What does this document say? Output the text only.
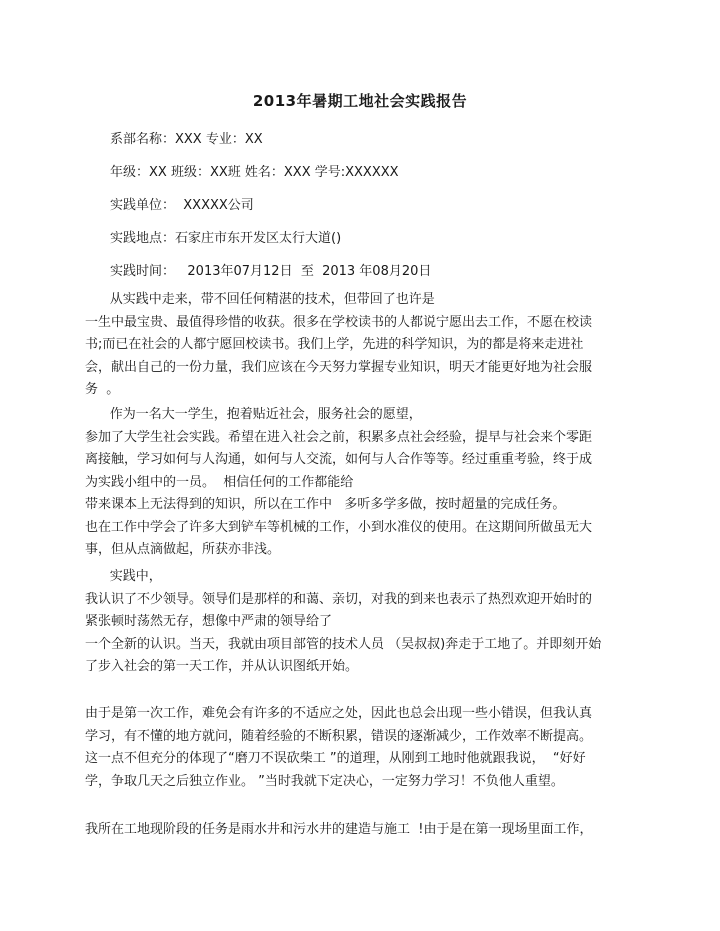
2013年暑期工地社会实践报告
系部名称：XXX 专业：XX
年级：XX 班级：XX班 姓名：XXX 学号:XXXXXX
实践单位：  XXXXX公司
实践地点：石家庄市东开发区太行大道()
实践时间：   2013年07月12日  至  2013 年08月20日
从实践中走来，带不回任何精湛的技术，但带回了也许是
一生中最宝贵、最值得珍惜的收获。很多在学校读书的人都说宁愿出去工作，不愿在校读
书;而已在社会的人都宁愿回校读书。我们上学，先进的科学知识，为的都是将来走进社
会，献出自己的一份力量，我们应该在今天努力掌握专业知识，明天才能更好地为社会服
务  。
作为一名大一学生，抱着贴近社会，服务社会的愿望，
参加了大学生社会实践。希望在进入社会之前，积累多点社会经验，提早与社会来个零距
离接触，学习如何与人沟通，如何与人交流，如何与人合作等等。经过重重考验，终于成
为实践小组中的一员。  相信任何的工作都能给
带来课本上无法得到的知识，所以在工作中   多听多学多做，按时超量的完成任务。
也在工作中学会了许多大到铲车等机械的工作，小到水准仪的使用。在这期间所做虽无大
事，但从点滴做起，所获亦非浅。
实践中，
我认识了不少领导。领导们是那样的和蔼、亲切，对我的到来也表示了热烈欢迎开始时的
紧张顿时荡然无存，想像中严肃的领导给了
一个全新的认识。当天，我就由项目部管的技术人员 （吴叔叔)奔走于工地了。并即刻开始
了步入社会的第一天工作，并从认识图纸开始。
由于是第一次工作，难免会有许多的不适应之处，因此也总会出现一些小错误，但我认真
学习，有不懂的地方就问，随着经验的不断积累，错误的逐渐减少，工作效率不断提高。
这一点不但充分的体现了“磨刀不误砍柴工 ”的道理，从刚到工地时他就跟我说，  “好好
学，争取几天之后独立作业。 ”当时我就下定决心，一定努力学习！不负他人重望。
我所在工地现阶段的任务是雨水井和污水井的建造与施工  !由于是在第一现场里面工作，
